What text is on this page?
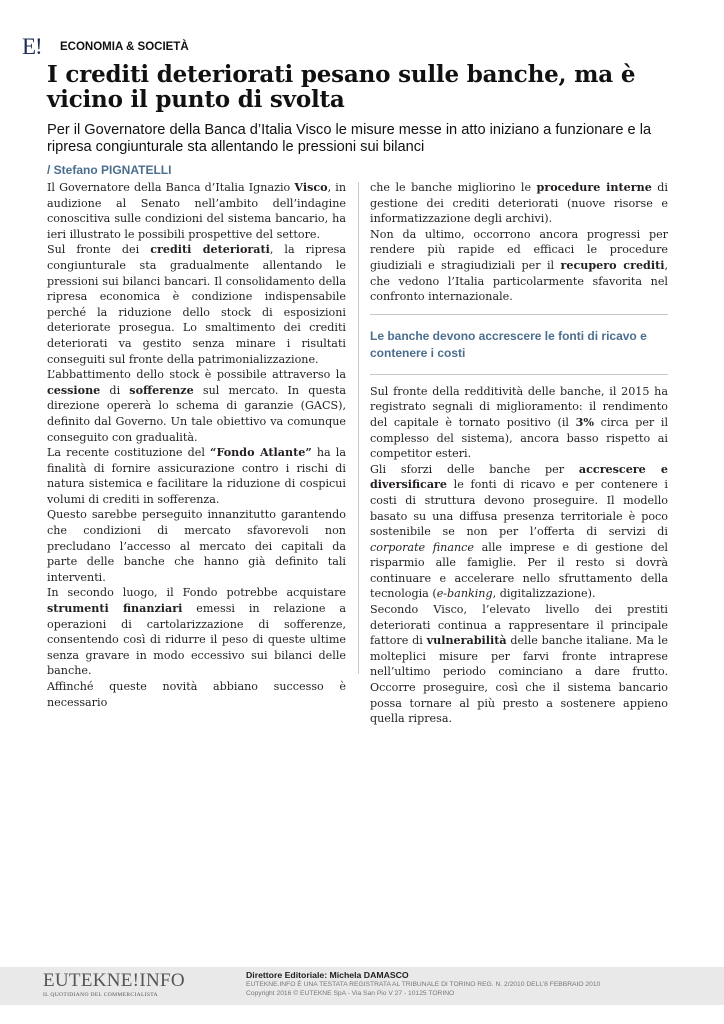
E!	ECONOMIA & SOCIETÀ
I crediti deteriorati pesano sulle banche, ma è vicino il punto di svolta

Per il Governatore della Banca d’Italia Visco le misure messe in atto iniziano a funzionare e la ripresa congiunturale sta allentando le pressioni sui bilanci

/ Stefano PIGNATELLI

Il Governatore della Banca d’Italia Ignazio Visco, in audizione al Senato nell’ambito dell’indagine conoscitiva sulle condizioni del sistema bancario, ha ieri illustrato le possibili prospettive del settore.

Sul fronte dei crediti deteriorati, la ripresa congiunturale sta gradualmente allentando le pressioni sui bilanci bancari. Il consolidamento della ripresa economica è condizione indispensabile perché la riduzione dello stock di esposizioni deteriorate prosegua. Lo smaltimento dei crediti deteriorati va gestito senza minare i risultati conseguiti sul fronte della patrimonializzazione.

L’abbattimento dello stock è possibile attraverso la cessione di sofferenze sul mercato. In questa direzione opererà lo schema di garanzie (GACS), definito dal Governo. Un tale obiettivo va comunque conseguito con gradualità.

La recente costituzione del “Fondo Atlante” ha la finalità di fornire assicurazione contro i rischi di natura sistemica e facilitare la riduzione di cospicui volumi di crediti in sofferenza.

Questo sarebbe perseguito innanzitutto garantendo che condizioni di mercato sfavorevoli non precludano l’accesso al mercato dei capitali da parte delle banche che hanno già definito tali interventi.

In secondo luogo, il Fondo potrebbe acquistare strumenti finanziari emessi in relazione a operazioni di cartolarizzazione di sofferenze, consentendo così di ridurre il peso di queste ultime senza gravare in modo eccessivo sui bilanci delle banche.

Affinché queste novità abbiano successo è necessario

che le banche migliorino le procedure interne di gestione dei crediti deteriorati (nuove risorse e informatizzazione degli archivi).

Non da ultimo, occorrono ancora progressi per rendere più rapide ed efficaci le procedure giudiziali e stragiudiziali per il recupero crediti, che vedono l’Italia particolarmente sfavorita nel confronto internazionale.

Le banche devono accrescere le fonti di ricavo e contenere i costi

Sul fronte della redditività delle banche, il 2015 ha registrato segnali di miglioramento: il rendimento del capitale è tornato positivo (il 3% circa per il complesso del sistema), ancora basso rispetto ai competitor esteri.

Gli sforzi delle banche per accrescere e diversificare le fonti di ricavo e per contenere i costi di struttura devono proseguire. Il modello basato su una diffusa presenza territoriale è poco sostenibile se non per l’offerta di servizi di corporate finance alle imprese e di gestione del risparmio alle famiglie. Per il resto si dovrà continuare e accelerare nello sfruttamento della tecnologia (e-banking, digitalizzazione).

Secondo Visco, l’elevato livello dei prestiti deteriorati continua a rappresentare il principale fattore di vulnerabilità delle banche italiane. Ma le molteplici misure per farvi fronte intraprese nell’ultimo periodo cominciano a dare frutto. Occorre proseguire, così che il sistema bancario possa tornare al più presto a sostenere appieno quella ripresa.

EUTEKNE!INFO
IL QUOTIDIANO DEL COMMERCIALISTA
Direttore Editoriale: Michela DAMASCO
EUTEKNE.INFO È UNA TESTATA REGISTRATA AL TRIBUNALE DI TORINO REG. N. 2/2010 DELL’8 FEBBRAIO 2010
Copyright 2016 © EUTEKNE SpA - Via San Pio V 27 - 10125 TORINO
